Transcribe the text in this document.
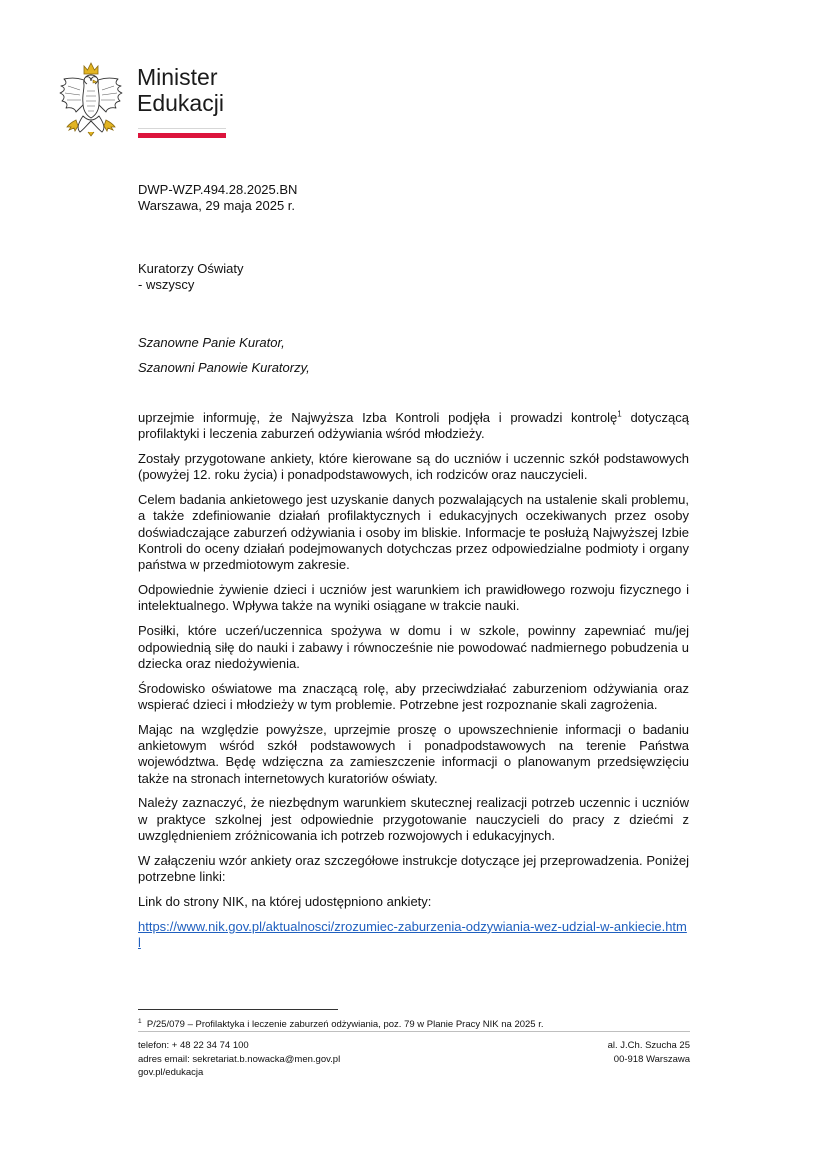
Minister
Edukacji
DWP-WZP.494.28.2025.BN
Warszawa, 29 maja 2025 r.
Kuratorzy Oświaty
- wszyscy
Szanowne Panie Kurator,
Szanowni Panowie Kuratorzy,

uprzejmie informuję, że Najwyższa Izba Kontroli podjęła i prowadzi kontrolę$^1$ dotyczącą profilaktyki i leczenia zaburzeń odżywiania wśród młodzieży.

Zostały przygotowane ankiety, które kierowane są do uczniów i uczennic szkół podstawowych (powyżej 12. roku życia) i ponadpodstawowych, ich rodziców oraz nauczycieli.

Celem badania ankietowego jest uzyskanie danych pozwalających na ustalenie skali problemu, a także zdefiniowanie działań profilaktycznych i edukacyjnych oczekiwanych przez osoby doświadczające zaburzeń odżywiania i osoby im bliskie. Informacje te posłużą Najwyższej Izbie Kontroli do oceny działań podejmowanych dotychczas przez odpowiedzialne podmioty i organy państwa w przedmiotowym zakresie.

Odpowiednie żywienie dzieci i uczniów jest warunkiem ich prawidłowego rozwoju fizycznego i intelektualnego. Wpływa także na wyniki osiągane w trakcie nauki.

Posiłki, które uczeń/uczennica spożywa w domu i w szkole, powinny zapewniać mu/jej odpowiednią siłę do nauki i zabawy i równocześnie nie powodować nadmiernego pobudzenia u dziecka oraz niedożywienia.

Środowisko oświatowe ma znaczącą rolę, aby przeciwdziałać zaburzeniom odżywiania oraz wspierać dzieci i młodzieży w tym problemie. Potrzebne jest rozpoznanie skali zagrożenia.

Mając na względzie powyższe, uprzejmie proszę o upowszechnienie informacji o badaniu ankietowym wśród szkół podstawowych i ponadpodstawowych na terenie Państwa województwa. Będę wdzięczna za zamieszczenie informacji o planowanym przedsięwzięciu także na stronach internetowych kuratoriów oświaty.

Należy zaznaczyć, że niezbędnym warunkiem skutecznej realizacji potrzeb uczennic i uczniów w praktyce szkolnej jest odpowiednie przygotowanie nauczycieli do pracy z dziećmi z uwzględnieniem zróżnicowania ich potrzeb rozwojowych i edukacyjnych.

W załączeniu wzór ankiety oraz szczegółowe instrukcje dotyczące jej przeprowadzenia. Poniżej potrzebne linki:

Link do strony NIK, na której udostępniono ankiety:

https://www.nik.gov.pl/aktualnosci/zrozumiec-zaburzenia-odzywiania-wez-udzial-w-ankiecie.html

$^1$ P/25/079 – Profilaktyka i leczenie zaburzeń odżywiania, poz. 79 w Planie Pracy NIK na 2025 r.
telefon: + 48 22 34 74 100
adres email: sekretariat.b.nowacka@men.gov.pl
gov.pl/edukacja
al. J.Ch. Szucha 25
00-918 Warszawa
